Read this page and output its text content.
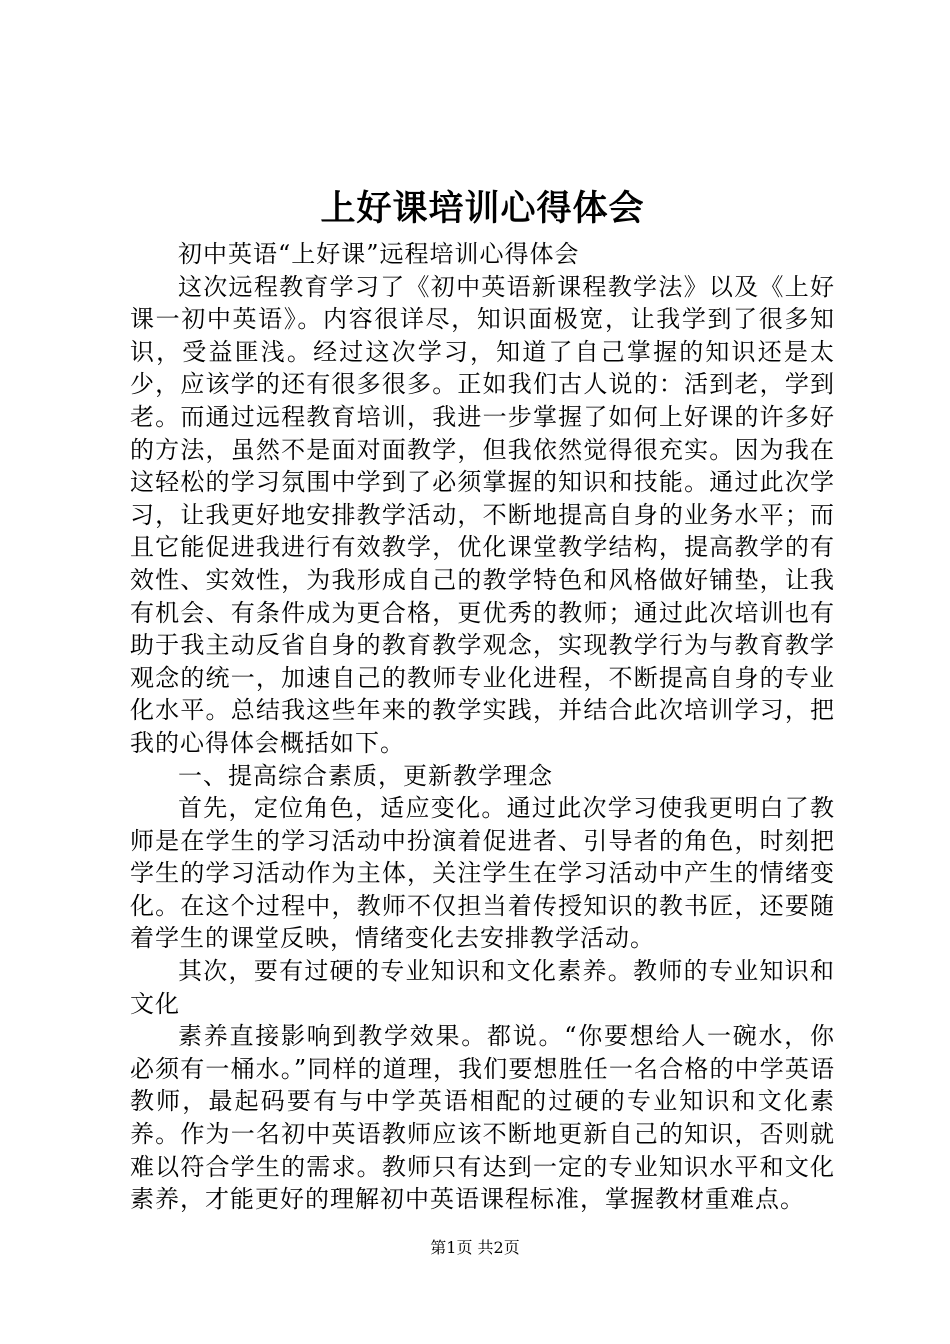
上好课培训心得体会

初中英语“上好课”远程培训心得体会

这次远程教育学习了《初中英语新课程教学法》以及《上好课一初中英语》。内容很详尽，知识面极宽，让我学到了很多知识，受益匪浅。经过这次学习，知道了自己掌握的知识还是太少，应该学的还有很多很多。正如我们古人说的：活到老，学到老。而通过远程教育培训，我进一步掌握了如何上好课的许多好的方法，虽然不是面对面教学，但我依然觉得很充实。因为我在这轻松的学习氛围中学到了必须掌握的知识和技能。通过此次学习，让我更好地安排教学活动，不断地提高自身的业务水平；而且它能促进我进行有效教学，优化课堂教学结构，提高教学的有效性、实效性，为我形成自己的教学特色和风格做好铺垫，让我有机会、有条件成为更合格，更优秀的教师；通过此次培训也有助于我主动反省自身的教育教学观念，实现教学行为与教育教学观念的统一，加速自己的教师专业化进程，不断提高自身的专业化水平。总结我这些年来的教学实践，并结合此次培训学习，把我的心得体会概括如下。

一、提高综合素质，更新教学理念

首先，定位角色，适应变化。通过此次学习使我更明白了教师是在学生的学习活动中扮演着促进者、引导者的角色，时刻把学生的学习活动作为主体，关注学生在学习活动中产生的情绪变化。在这个过程中，教师不仅担当着传授知识的教书匠，还要随着学生的课堂反映，情绪变化去安排教学活动。

其次，要有过硬的专业知识和文化素养。教师的专业知识和文化

素养直接影响到教学效果。都说。“你要想给人一碗水，你必须有一桶水。”同样的道理，我们要想胜任一名合格的中学英语教师，最起码要有与中学英语相配的过硬的专业知识和文化素养。作为一名初中英语教师应该不断地更新自己的知识，否则就难以符合学生的需求。教师只有达到一定的专业知识水平和文化素养，才能更好的理解初中英语课程标准，掌握教材重难点。

第1页 共2页
